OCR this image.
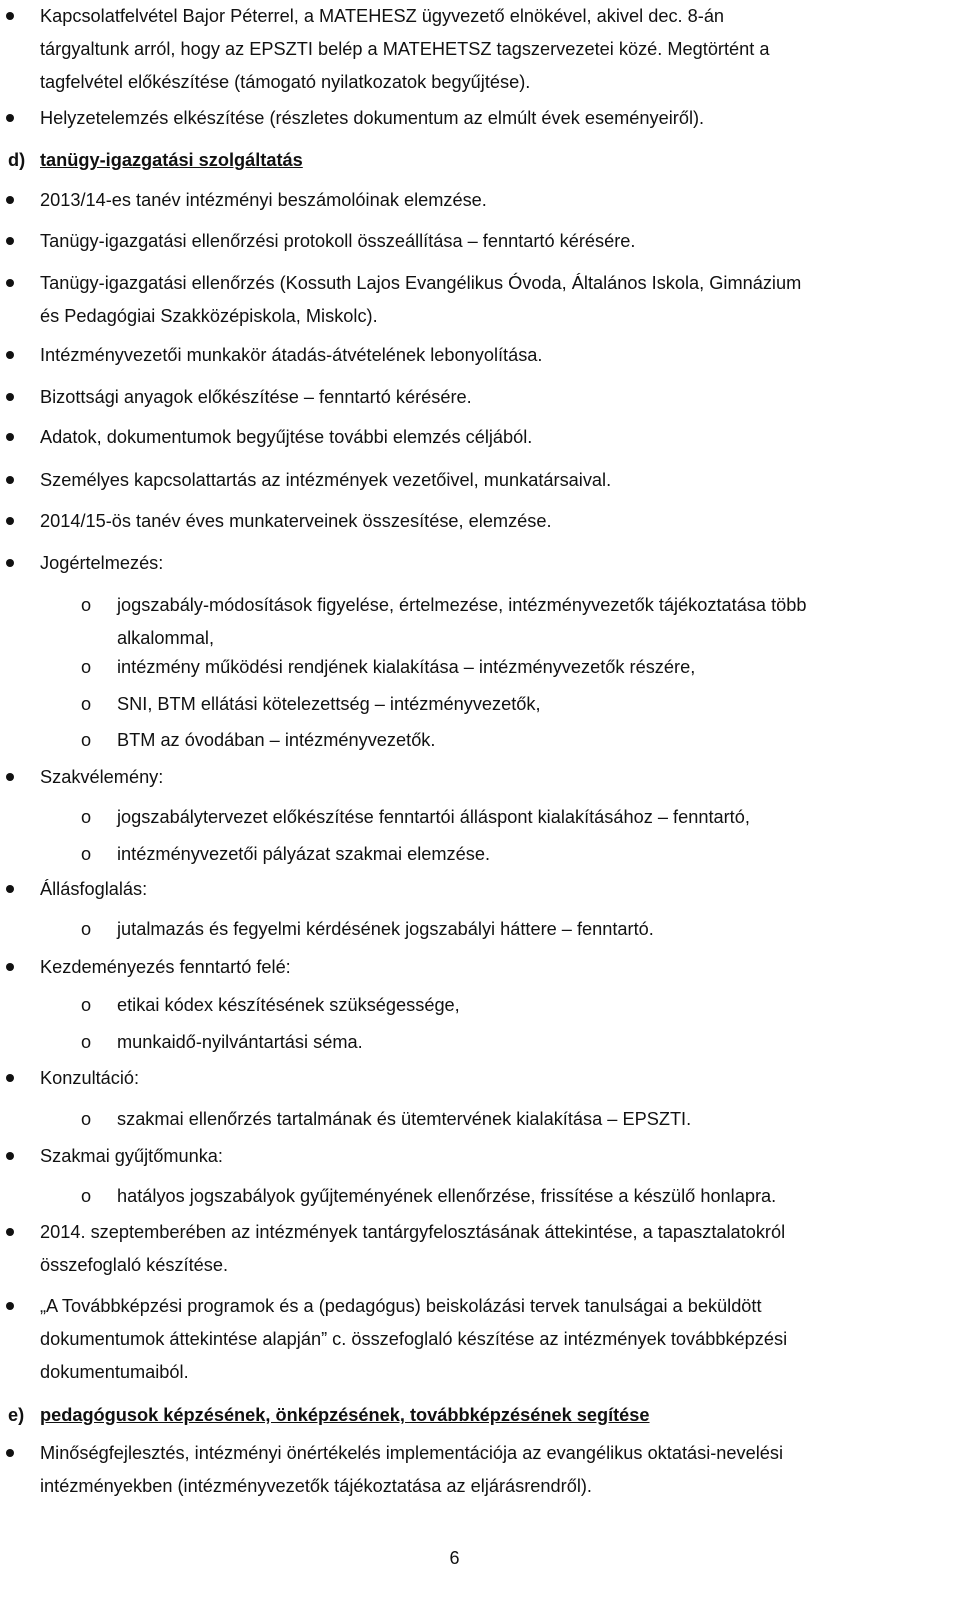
Kapcsolatfelvétel Bajor Péterrel, a MATEHESZ ügyvezető elnökével, akivel dec. 8-án
tárgyaltunk arról, hogy az EPSZTI belép a MATEHETSZ tagszervezetei közé. Megtörtént a
tagfelvétel előkészítése (támogató nyilatkozatok begyűjtése).
Helyzetelemzés elkészítése (részletes dokumentum az elmúlt évek eseményeiről).
d) tanügy-igazgatási szolgáltatás
2013/14-es tanév intézményi beszámolóinak elemzése.
Tanügy-igazgatási ellenőrzési protokoll összeállítása – fenntartó kérésére.
Tanügy-igazgatási ellenőrzés (Kossuth Lajos Evangélikus Óvoda, Általános Iskola, Gimnázium
és Pedagógiai Szakközépiskola, Miskolc).
Intézményvezetői munkakör átadás-átvételének lebonyolítása.
Bizottsági anyagok előkészítése – fenntartó kérésére.
Adatok, dokumentumok begyűjtése további elemzés céljából.
Személyes kapcsolattartás az intézmények vezetőivel, munkatársaival.
2014/15-ös tanév éves munkaterveinek összesítése, elemzése.
Jogértelmezés:
o jogszabály-módosítások figyelése, értelmezése, intézményvezetők tájékoztatása több
alkalommal,
o intézmény működési rendjének kialakítása – intézményvezetők részére,
o SNI, BTM ellátási kötelezettség – intézményvezetők,
o BTM az óvodában – intézményvezetők.
Szakvélemény:
o jogszabálytervezet előkészítése fenntartói álláspont kialakításához – fenntartó,
o intézményvezetői pályázat szakmai elemzése.
Állásfoglalás:
o jutalmazás és fegyelmi kérdésének jogszabályi háttere – fenntartó.
Kezdeményezés fenntartó felé:
o etikai kódex készítésének szükségessége,
o munkaidő-nyilvántartási séma.
Konzultáció:
o szakmai ellenőrzés tartalmának és ütemtervének kialakítása – EPSZTI.
Szakmai gyűjtőmunka:
o hatályos jogszabályok gyűjteményének ellenőrzése, frissítése a készülő honlapra.
2014. szeptemberében az intézmények tantárgyfelosztásának áttekintése, a tapasztalatokról
összefoglaló készítése.
„A Továbbképzési programok és a (pedagógus) beiskolázási tervek tanulságai a beküldött
dokumentumok áttekintése alapján” c. összefoglaló készítése az intézmények továbbképzési
dokumentumaiból.
e) pedagógusok képzésének, önképzésének, továbbképzésének segítése
Minőségfejlesztés, intézményi önértékelés implementációja az evangélikus oktatási-nevelési
intézményekben (intézményvezetők tájékoztatása az eljárásrendről).
6
